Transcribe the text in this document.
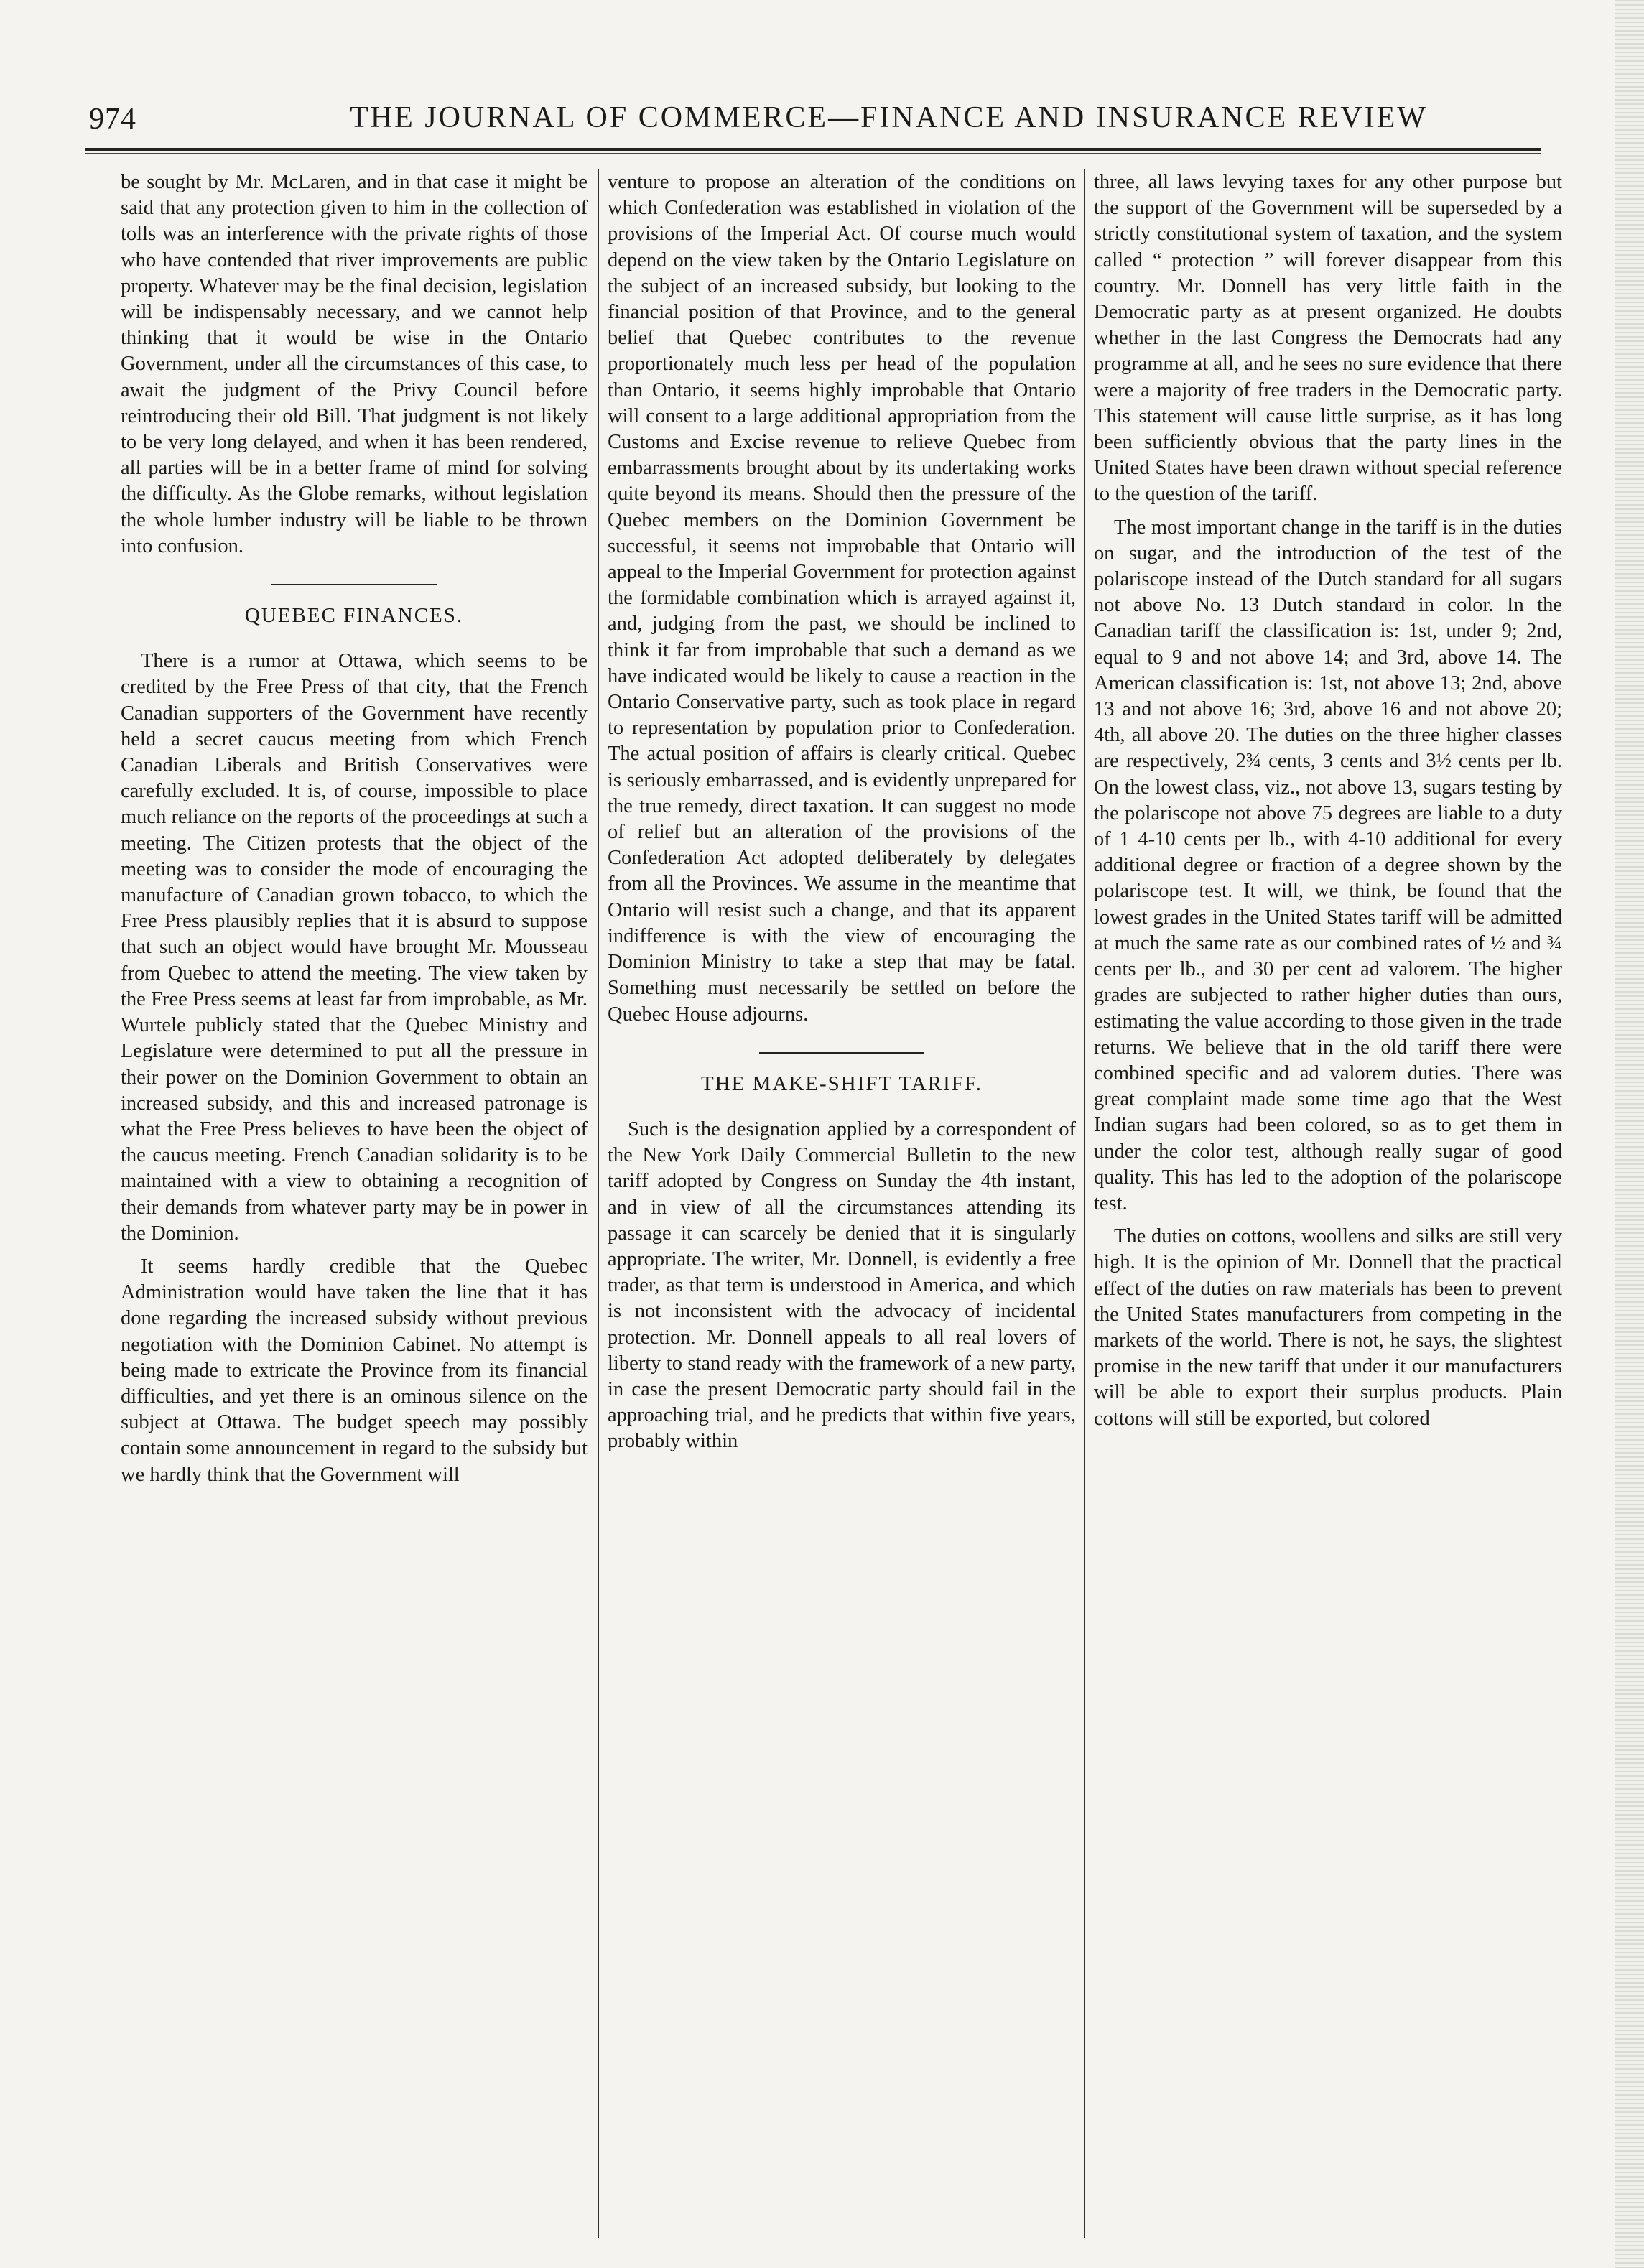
974	THE JOURNAL OF COMMERCE—FINANCE AND INSURANCE REVIEW

be sought by Mr. McLaren, and in that case it might be said that any protection given to him in the collection of tolls was an interference with the private rights of those who have contended that river improvements are public property. Whatever may be the final decision, legislation will be indispensably necessary, and we cannot help thinking that it would be wise in the Ontario Government, under all the circumstances of this case, to await the judgment of the Privy Council before reintroducing their old Bill. That judgment is not likely to be very long delayed, and when it has been rendered, all parties will be in a better frame of mind for solving the difficulty. As the Globe remarks, without legislation the whole lumber industry will be liable to be thrown into confusion.

QUEBEC FINANCES.

There is a rumor at Ottawa, which seems to be credited by the Free Press of that city, that the French Canadian supporters of the Government have recently held a secret caucus meeting from which French Canadian Liberals and British Conservatives were carefully excluded. It is, of course, impossible to place much reliance on the reports of the proceedings at such a meeting. The Citizen protests that the object of the meeting was to consider the mode of encouraging the manufacture of Canadian grown tobacco, to which the Free Press plausibly replies that it is absurd to suppose that such an object would have brought Mr. Mousseau from Quebec to attend the meeting. The view taken by the Free Press seems at least far from improbable, as Mr. Wurtele publicly stated that the Quebec Ministry and Legislature were determined to put all the pressure in their power on the Dominion Government to obtain an increased subsidy, and this and increased patronage is what the Free Press believes to have been the object of the caucus meeting. French Canadian solidarity is to be maintained with a view to obtaining a recognition of their demands from whatever party may be in power in the Dominion.

It seems hardly credible that the Quebec Administration would have taken the line that it has done regarding the increased subsidy without previous negotiation with the Dominion Cabinet. No attempt is being made to extricate the Province from its financial difficulties, and yet there is an ominous silence on the subject at Ottawa. The budget speech may possibly contain some announcement in regard to the subsidy but we hardly think that the Government will

venture to propose an alteration of the conditions on which Confederation was established in violation of the provisions of the Imperial Act. Of course much would depend on the view taken by the Ontario Legislature on the subject of an increased subsidy, but looking to the financial position of that Province, and to the general belief that Quebec contributes to the revenue proportionately much less per head of the population than Ontario, it seems highly improbable that Ontario will consent to a large additional appropriation from the Customs and Excise revenue to relieve Quebec from embarrassments brought about by its undertaking works quite beyond its means. Should then the pressure of the Quebec members on the Dominion Government be successful, it seems not improbable that Ontario will appeal to the Imperial Government for protection against the formidable combination which is arrayed against it, and, judging from the past, we should be inclined to think it far from improbable that such a demand as we have indicated would be likely to cause a reaction in the Ontario Conservative party, such as took place in regard to representation by population prior to Confederation. The actual position of affairs is clearly critical. Quebec is seriously embarrassed, and is evidently unprepared for the true remedy, direct taxation. It can suggest no mode of relief but an alteration of the provisions of the Confederation Act adopted deliberately by delegates from all the Provinces. We assume in the meantime that Ontario will resist such a change, and that its apparent indifference is with the view of encouraging the Dominion Ministry to take a step that may be fatal. Something must necessarily be settled on before the Quebec House adjourns.

THE MAKE-SHIFT TARIFF.

Such is the designation applied by a correspondent of the New York Daily Commercial Bulletin to the new tariff adopted by Congress on Sunday the 4th instant, and in view of all the circumstances attending its passage it can scarcely be denied that it is singularly appropriate. The writer, Mr. Donnell, is evidently a free trader, as that term is understood in America, and which is not inconsistent with the advocacy of incidental protection. Mr. Donnell appeals to all real lovers of liberty to stand ready with the framework of a new party, in case the present Democratic party should fail in the approaching trial, and he predicts that within five years, probably within

three, all laws levying taxes for any other purpose but the support of the Government will be superseded by a strictly constitutional system of taxation, and the system called “ protection ” will forever disappear from this country. Mr. Donnell has very little faith in the Democratic party as at present organized. He doubts whether in the last Congress the Democrats had any programme at all, and he sees no sure evidence that there were a majority of free traders in the Democratic party. This statement will cause little surprise, as it has long been sufficiently obvious that the party lines in the United States have been drawn without special reference to the question of the tariff.

The most important change in the tariff is in the duties on sugar, and the introduction of the test of the polariscope instead of the Dutch standard for all sugars not above No. 13 Dutch standard in color. In the Canadian tariff the classification is: 1st, under 9; 2nd, equal to 9 and not above 14; and 3rd, above 14. The American classification is: 1st, not above 13; 2nd, above 13 and not above 16; 3rd, above 16 and not above 20; 4th, all above 20. The duties on the three higher classes are respectively, 2¾ cents, 3 cents and 3½ cents per lb. On the lowest class, viz., not above 13, sugars testing by the polariscope not above 75 degrees are liable to a duty of 1 4-10 cents per lb., with 4-10 additional for every additional degree or fraction of a degree shown by the polariscope test. It will, we think, be found that the lowest grades in the United States tariff will be admitted at much the same rate as our combined rates of ½ and ¾ cents per lb., and 30 per cent ad valorem. The higher grades are subjected to rather higher duties than ours, estimating the value according to those given in the trade returns. We believe that in the old tariff there were combined specific and ad valorem duties. There was great complaint made some time ago that the West Indian sugars had been colored, so as to get them in under the color test, although really sugar of good quality. This has led to the adoption of the polariscope test.

The duties on cottons, woollens and silks are still very high. It is the opinion of Mr. Donnell that the practical effect of the duties on raw materials has been to prevent the United States manufacturers from competing in the markets of the world. There is not, he says, the slightest promise in the new tariff that under it our manufacturers will be able to export their surplus products. Plain cottons will still be exported, but colored
